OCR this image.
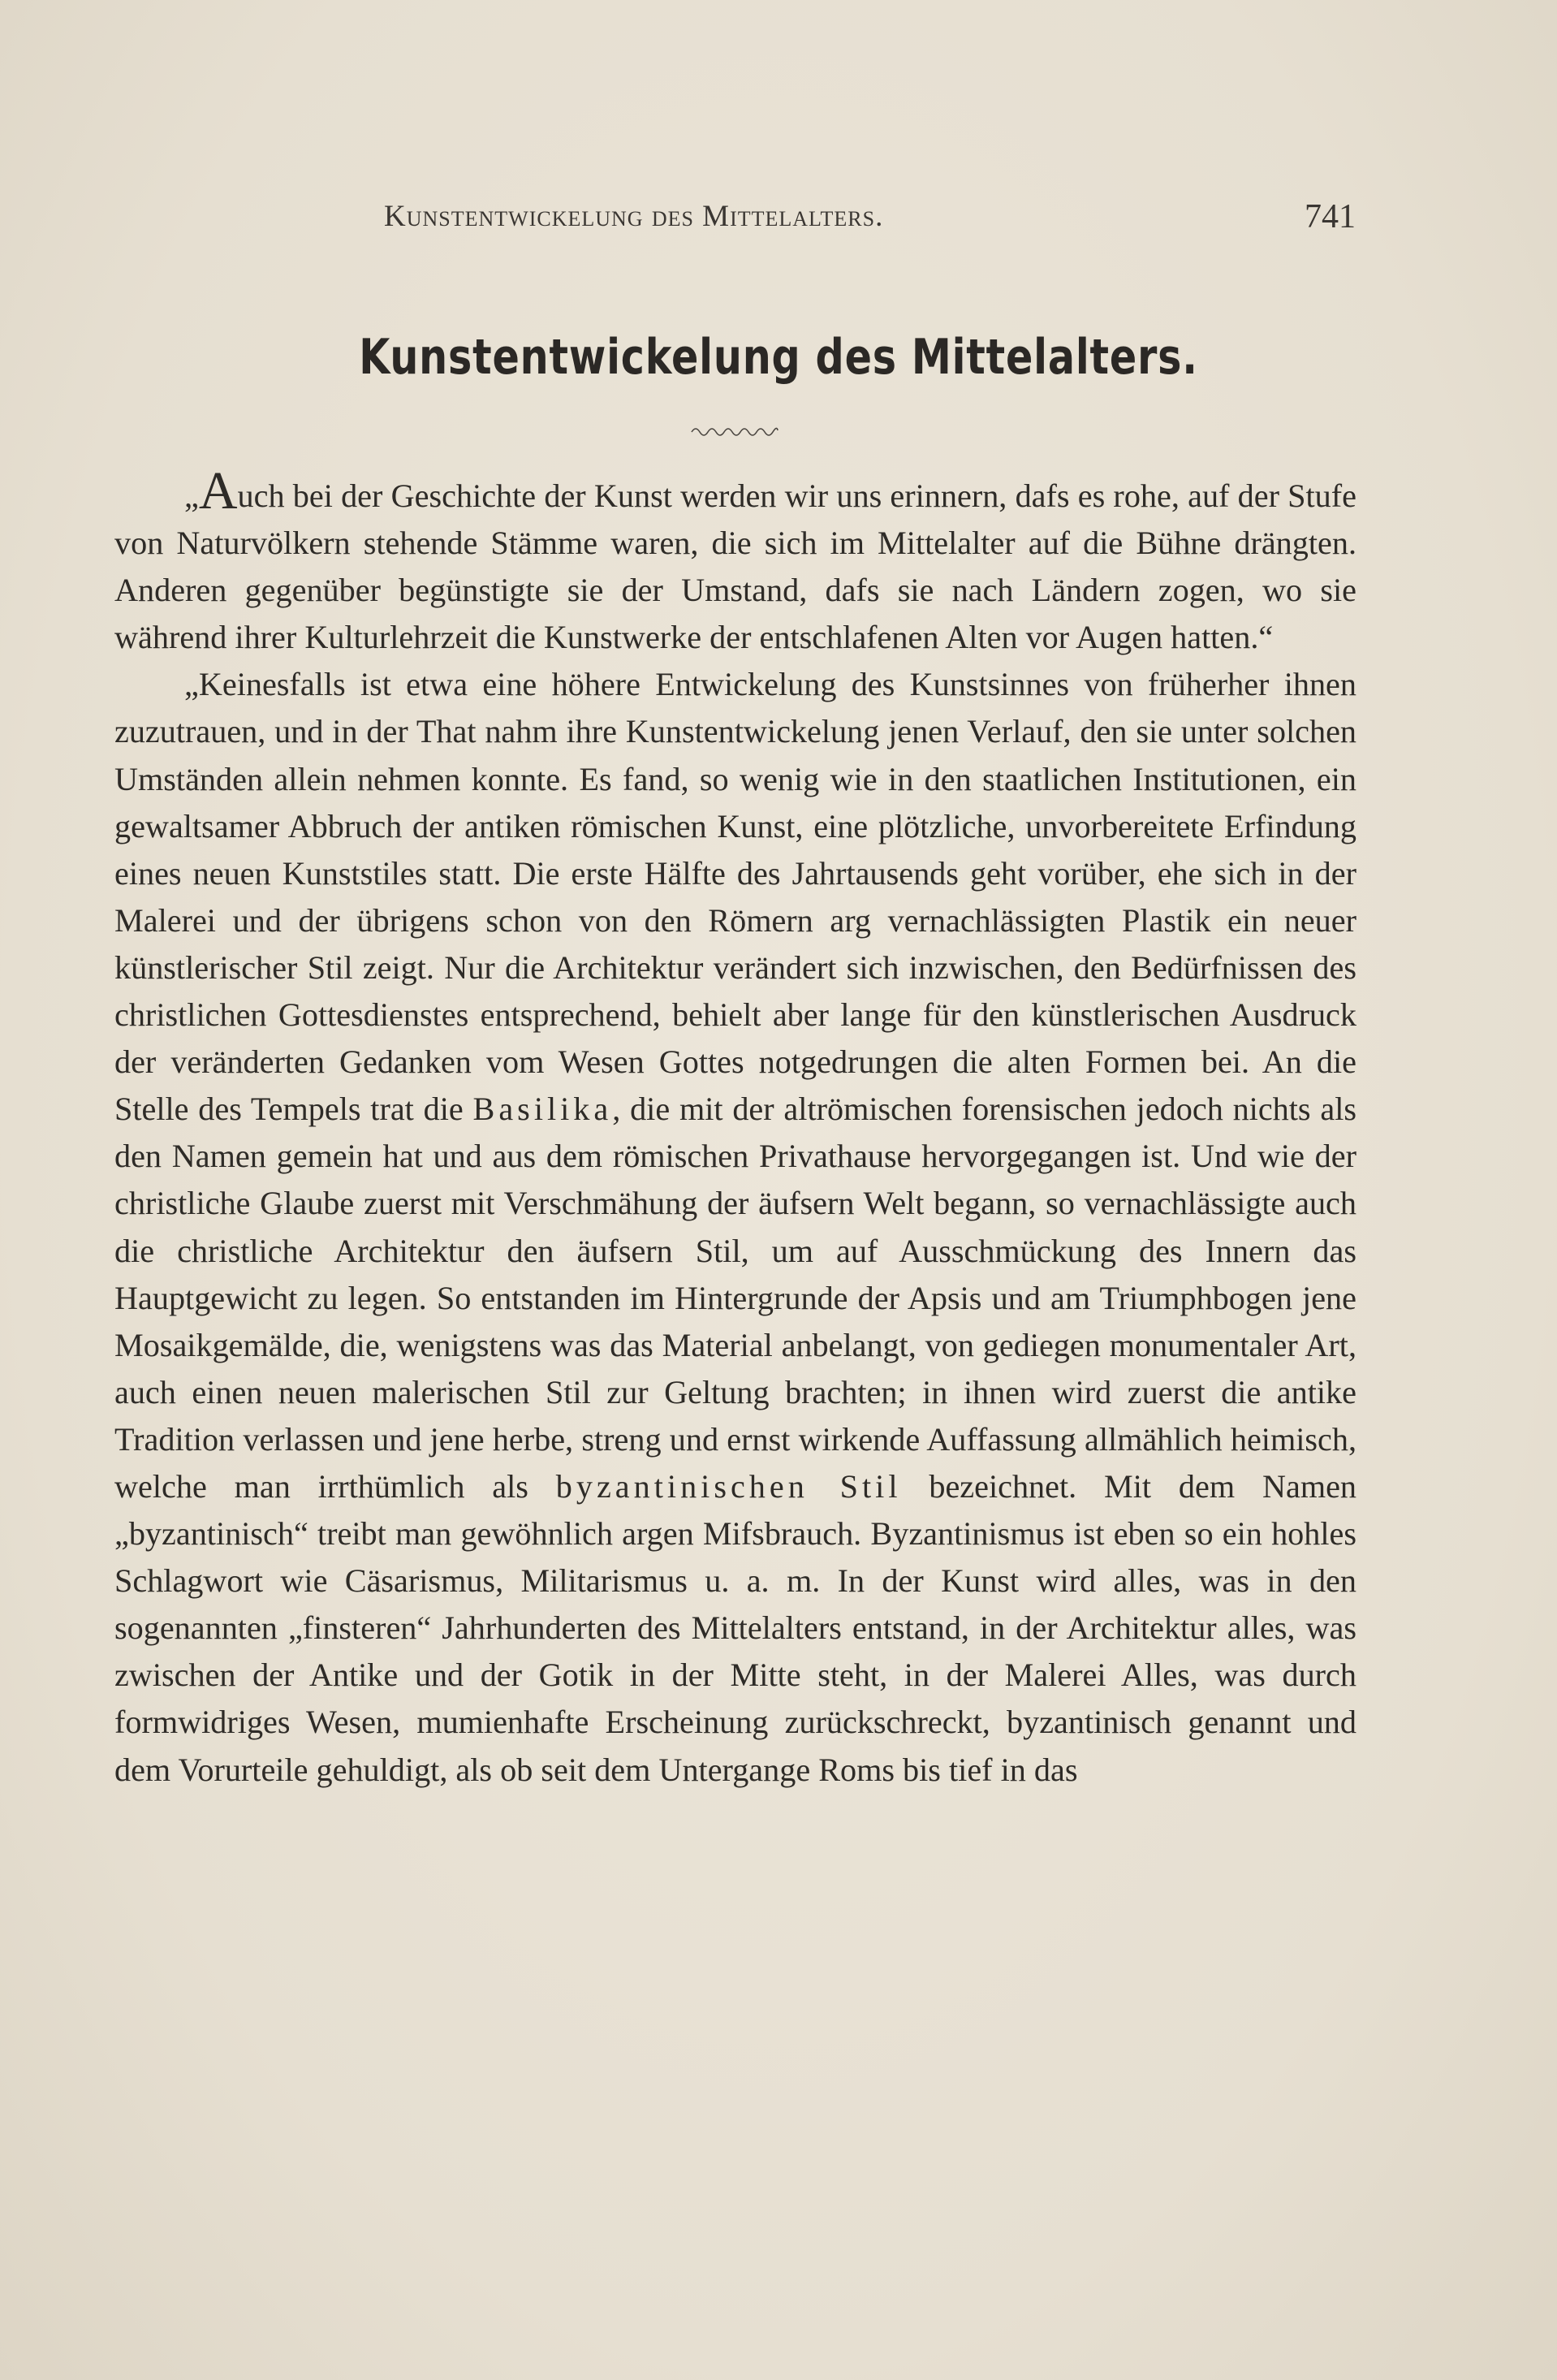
Kunstentwickelung des Mittelalters.	741
Kunstentwickelung des Mittelalters.

„Auch bei der Geschichte der Kunst werden wir uns erinnern, dafs es rohe, auf der Stufe von Naturvölkern stehende Stämme waren, die sich im Mittelalter auf die Bühne drängten. Anderen gegenüber begünstigte sie der Umstand, dafs sie nach Ländern zogen, wo sie während ihrer Kulturlehrzeit die Kunstwerke der entschlafenen Alten vor Augen hatten.“

„Keinesfalls ist etwa eine höhere Entwickelung des Kunstsinnes von früherher ihnen zuzutrauen, und in der That nahm ihre Kunstentwickelung jenen Verlauf, den sie unter solchen Umständen allein nehmen konnte. Es fand, so wenig wie in den staatlichen Institutionen, ein gewaltsamer Abbruch der antiken römischen Kunst, eine plötzliche, unvorbereitete Erfindung eines neuen Kunststiles statt. Die erste Hälfte des Jahrtausends geht vorüber, ehe sich in der Malerei und der übrigens schon von den Römern arg vernachlässigten Plastik ein neuer künstlerischer Stil zeigt. Nur die Architektur verändert sich inzwischen, den Bedürfnissen des christlichen Gottesdienstes entsprechend, behielt aber lange für den künstlerischen Ausdruck der veränderten Gedanken vom Wesen Gottes notgedrungen die alten Formen bei. An die Stelle des Tempels trat die Basilika, die mit der altrömischen forensischen jedoch nichts als den Namen gemein hat und aus dem römischen Privathause hervorgegangen ist. Und wie der christliche Glaube zuerst mit Verschmähung der äufsern Welt begann, so vernachlässigte auch die christliche Architektur den äufsern Stil, um auf Ausschmückung des Innern das Hauptgewicht zu legen. So entstanden im Hintergrunde der Apsis und am Triumphbogen jene Mosaikgemälde, die, wenigstens was das Material anbelangt, von gediegen monumentaler Art, auch einen neuen malerischen Stil zur Geltung brachten; in ihnen wird zuerst die antike Tradition verlassen und jene herbe, streng und ernst wirkende Auffassung allmählich heimisch, welche man irrthümlich als byzantinischen Stil bezeichnet. Mit dem Namen „byzantinisch“ treibt man gewöhnlich argen Mifsbrauch. Byzantinismus ist eben so ein hohles Schlagwort wie Cäsarismus, Militarismus u. a. m. In der Kunst wird alles, was in den sogenannten „finsteren“ Jahrhunderten des Mittelalters entstand, in der Architektur alles, was zwischen der Antike und der Gotik in der Mitte steht, in der Malerei Alles, was durch formwidriges Wesen, mumienhafte Erscheinung zurückschreckt, byzantinisch genannt und dem Vorurteile gehuldigt, als ob seit dem Untergange Roms bis tief in das
